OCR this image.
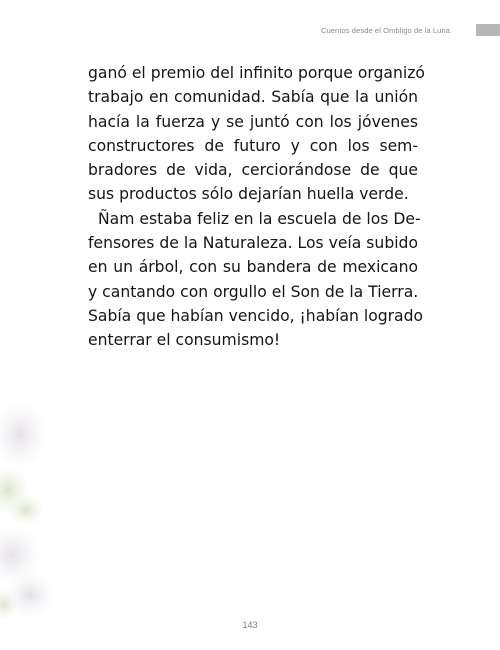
Cuentos desde el Ombligo de la Luna
ganó el premio del infinito porque organizó
trabajo en comunidad. Sabía que la unión
hacía la fuerza y se juntó con los jóvenes
constructores de futuro y con los sem-
bradores de vida, cerciorándose de que
sus productos sólo dejarían huella verde.
Ñam estaba feliz en la escuela de los De-
fensores de la Naturaleza. Los veía subido
en un árbol, con su bandera de mexicano
y cantando con orgullo el Son de la Tierra.
Sabía que habían vencido, ¡habían logrado
enterrar el consumismo!
143
